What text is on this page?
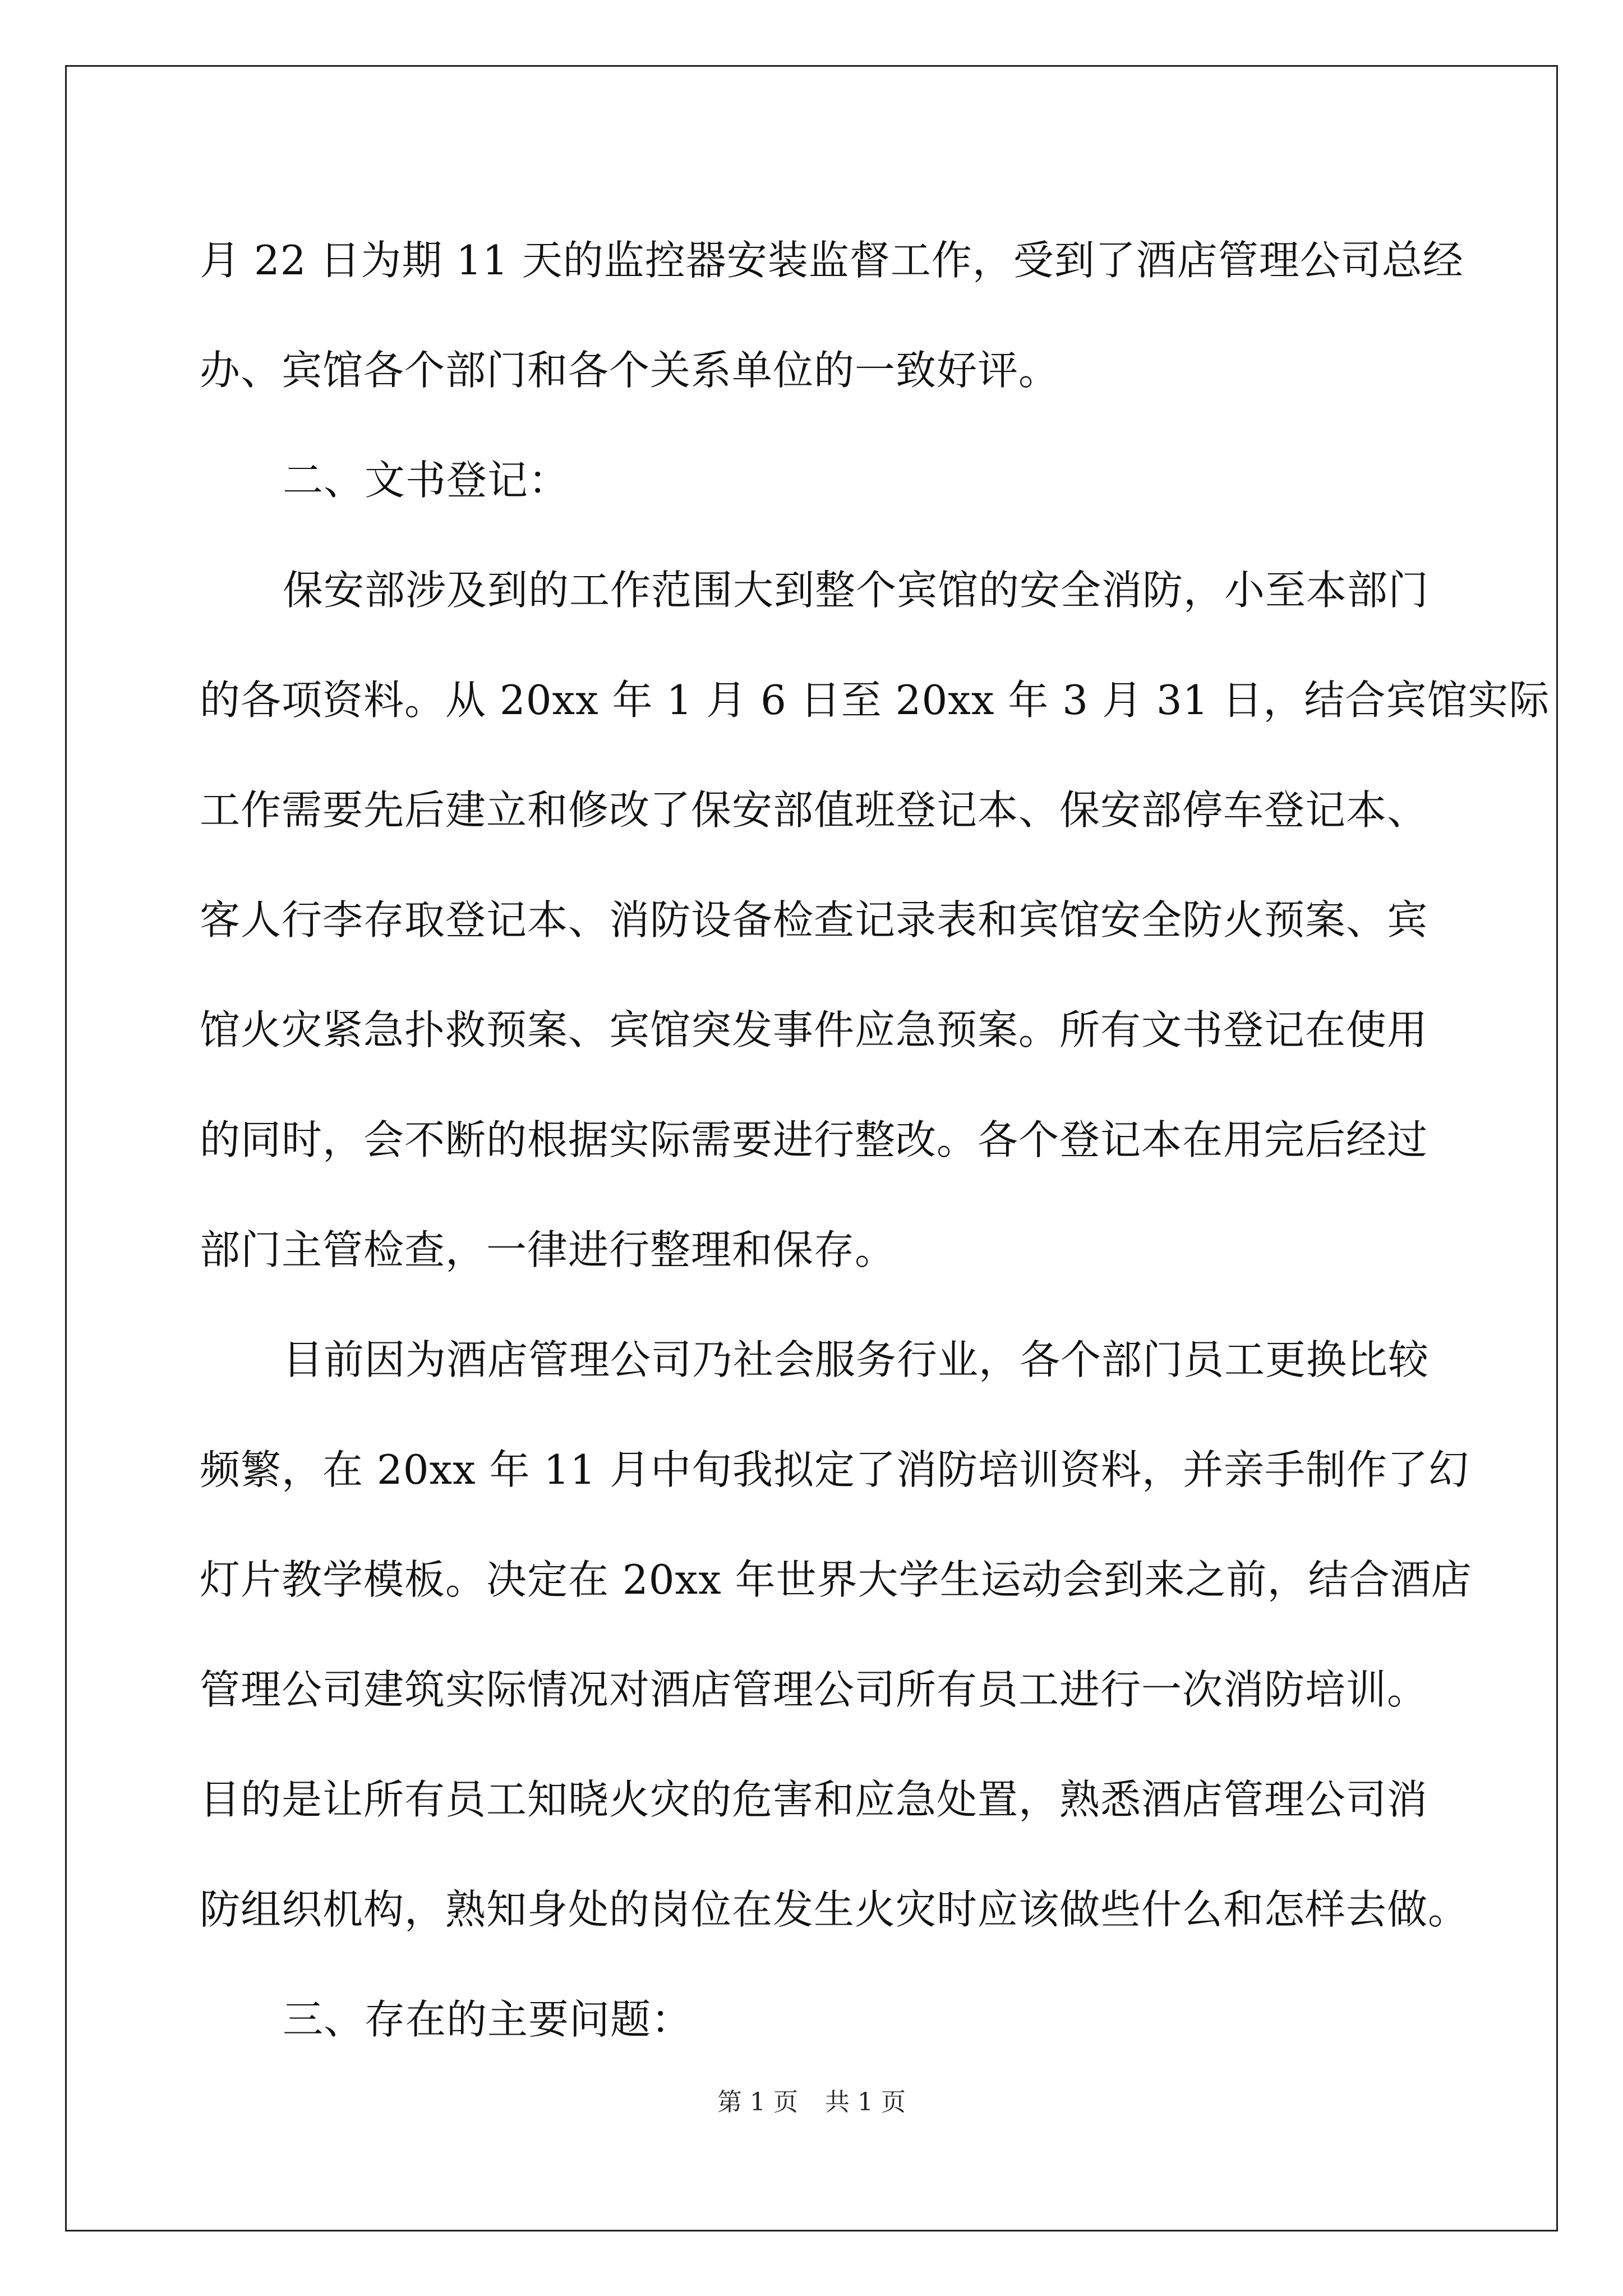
月 22 日为期 11 天的监控器安装监督工作，受到了酒店管理公司总经

办、宾馆各个部门和各个关系单位的一致好评。

二、文书登记：

保安部涉及到的工作范围大到整个宾馆的安全消防，小至本部门

的各项资料。从 20xx 年 1 月 6 日至 20xx 年 3 月 31 日，结合宾馆实际

工作需要先后建立和修改了保安部值班登记本、保安部停车登记本、

客人行李存取登记本、消防设备检查记录表和宾馆安全防火预案、宾

馆火灾紧急扑救预案、宾馆突发事件应急预案。所有文书登记在使用

的同时，会不断的根据实际需要进行整改。各个登记本在用完后经过

部门主管检查，一律进行整理和保存。

目前因为酒店管理公司乃社会服务行业，各个部门员工更换比较

频繁，在 20xx 年 11 月中旬我拟定了消防培训资料，并亲手制作了幻

灯片教学模板。决定在 20xx 年世界大学生运动会到来之前，结合酒店

管理公司建筑实际情况对酒店管理公司所有员工进行一次消防培训。

目的是让所有员工知晓火灾的危害和应急处置，熟悉酒店管理公司消

防组织机构，熟知身处的岗位在发生火灾时应该做些什么和怎样去做。

三、存在的主要问题：

第 1 页 共 1 页
